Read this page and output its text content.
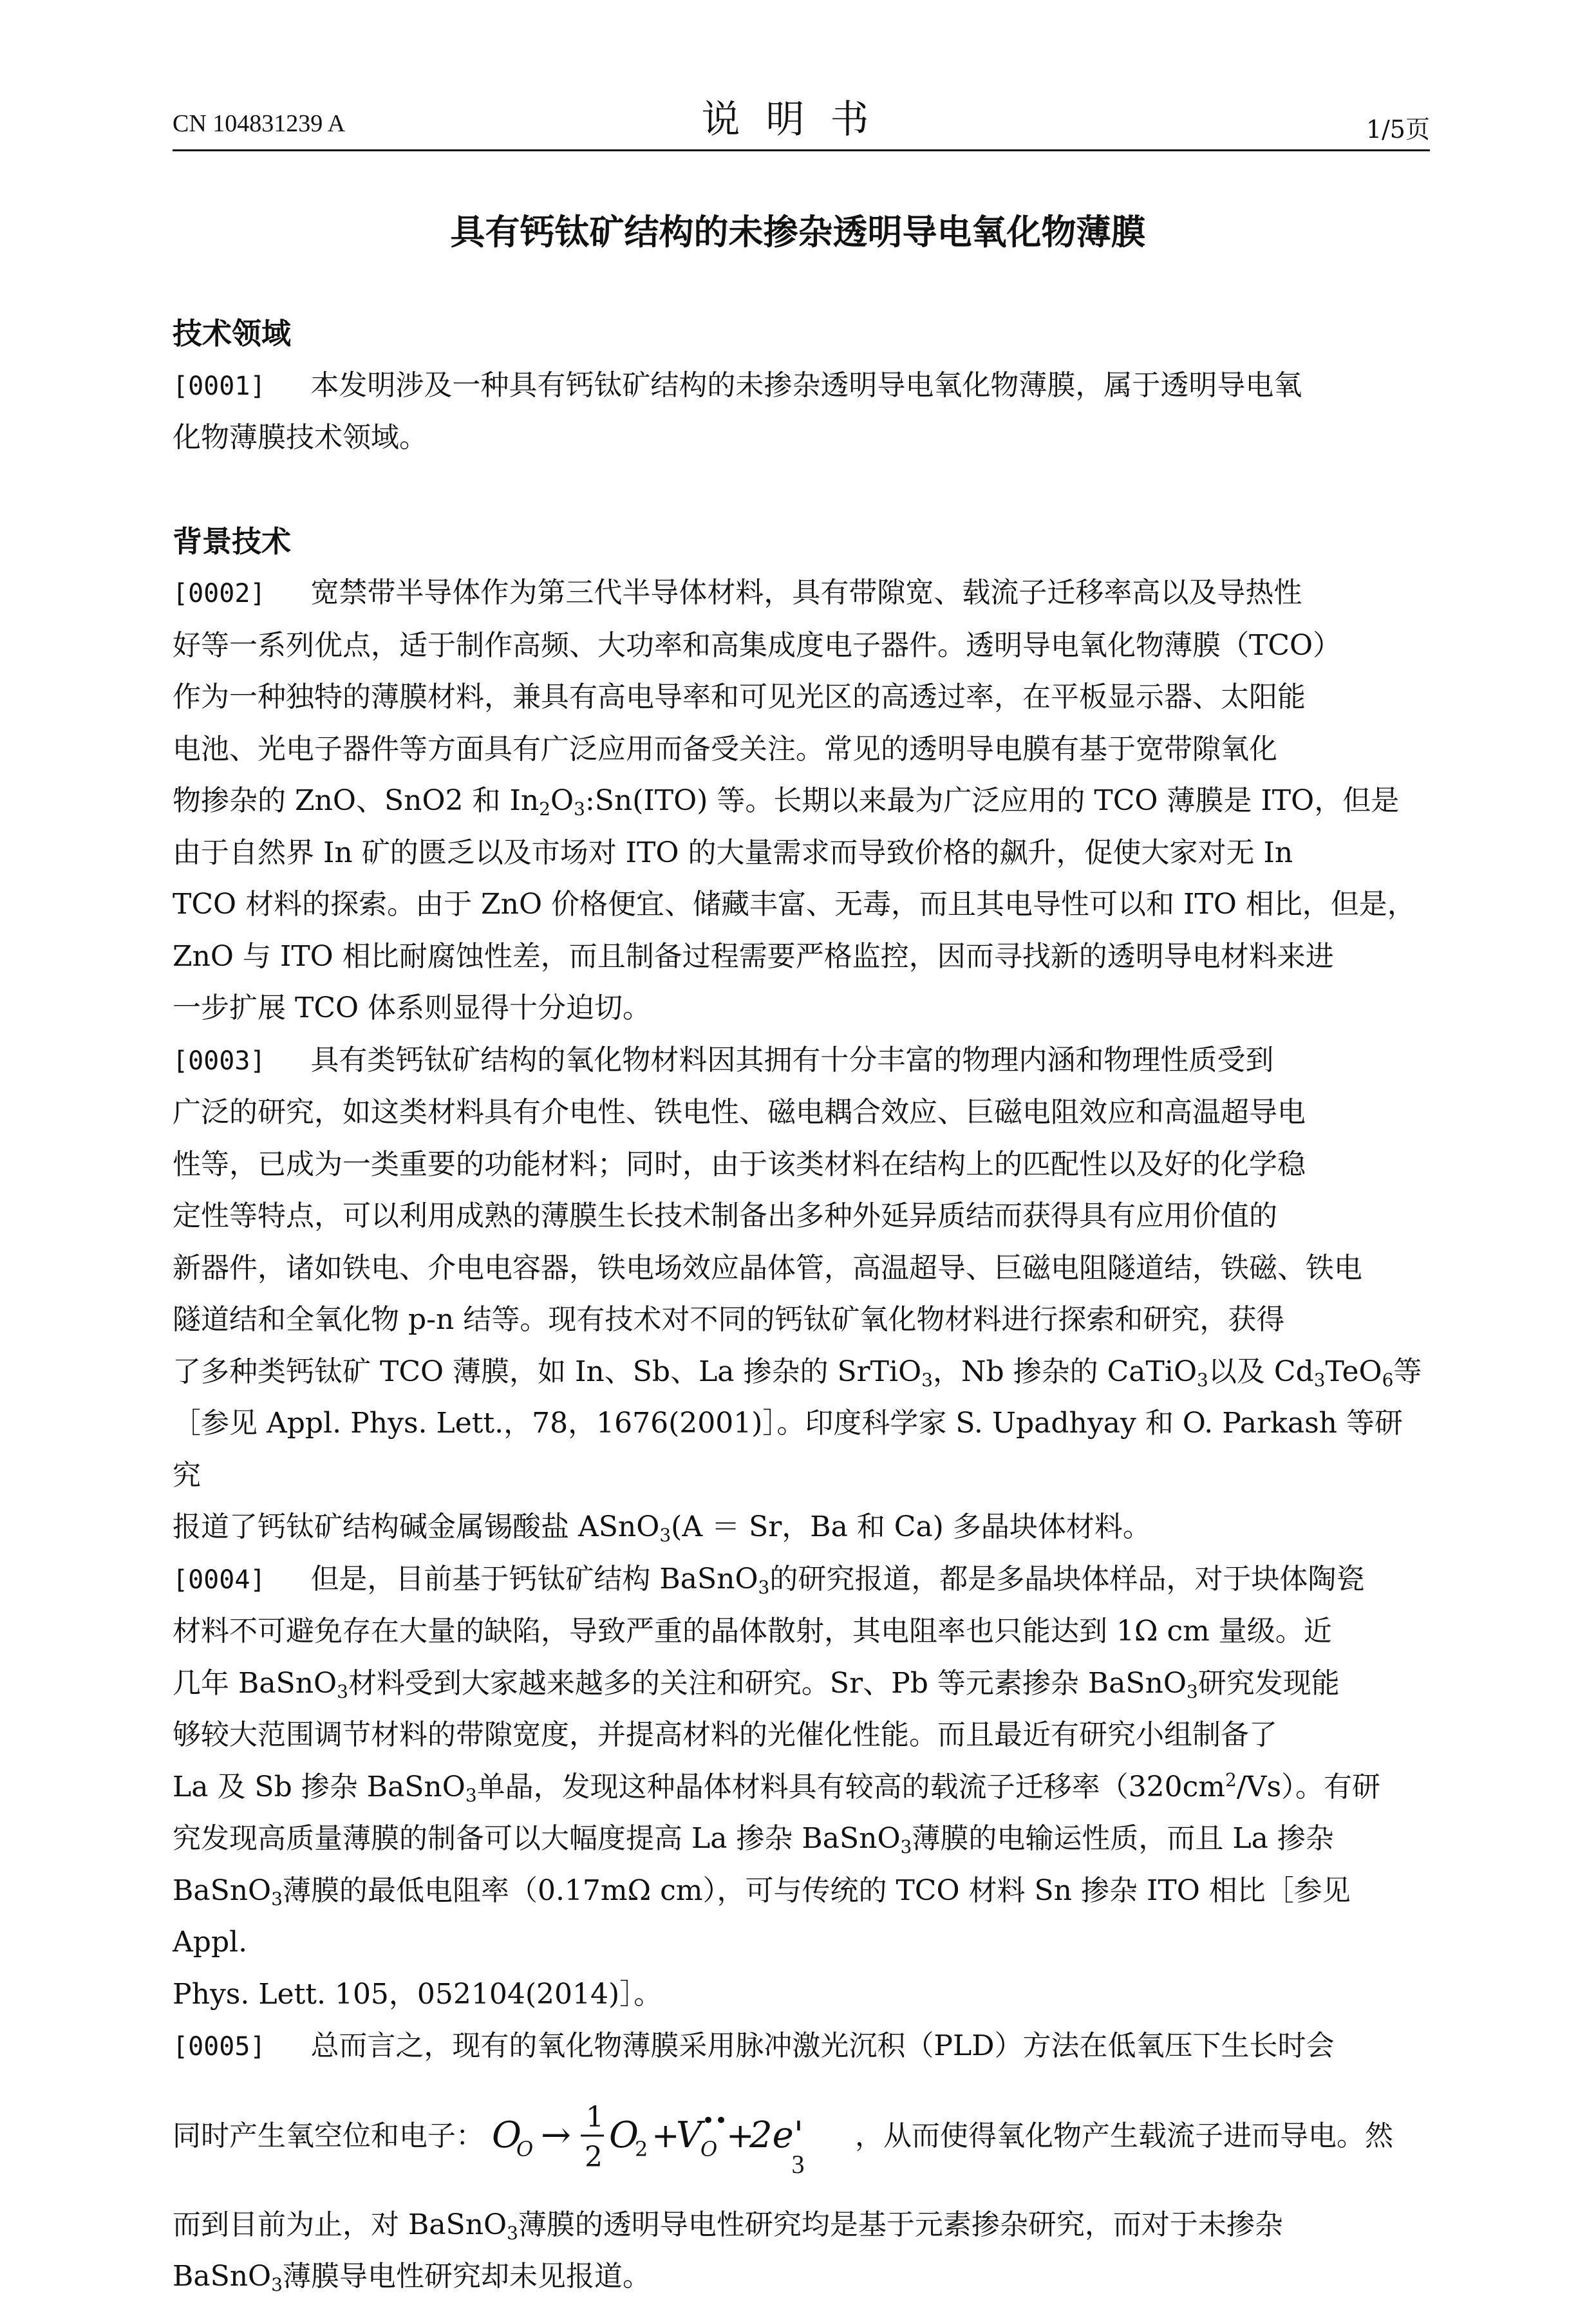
CN 104831239 A	说明书	1/5页
具有钙钛矿结构的未掺杂透明导电氧化物薄膜

技术领域

[0001] 本发明涉及一种具有钙钛矿结构的未掺杂透明导电氧化物薄膜，属于透明导电氧

化物薄膜技术领域。

背景技术

[0002] 宽禁带半导体作为第三代半导体材料，具有带隙宽、载流子迁移率高以及导热性

好等一系列优点，适于制作高频、大功率和高集成度电子器件。透明导电氧化物薄膜（TCO）

作为一种独特的薄膜材料，兼具有高电导率和可见光区的高透过率，在平板显示器、太阳能

电池、光电子器件等方面具有广泛应用而备受关注。常见的透明导电膜有基于宽带隙氧化

物掺杂的 ZnO、SnO2 和 $In_2O_3:Sn(ITO)$ 等。长期以来最为广泛应用的 TCO 薄膜是 ITO，但是

由于自然界 In 矿的匮乏以及市场对 ITO 的大量需求而导致价格的飙升，促使大家对无 In

TCO 材料的探索。由于 ZnO 价格便宜、储藏丰富、无毒，而且其电导性可以和 ITO 相比，但是，

ZnO 与 ITO 相比耐腐蚀性差，而且制备过程需要严格监控，因而寻找新的透明导电材料来进

一步扩展 TCO 体系则显得十分迫切。

[0003] 具有类钙钛矿结构的氧化物材料因其拥有十分丰富的物理内涵和物理性质受到

广泛的研究，如这类材料具有介电性、铁电性、磁电耦合效应、巨磁电阻效应和高温超导电

性等，已成为一类重要的功能材料；同时，由于该类材料在结构上的匹配性以及好的化学稳

定性等特点，可以利用成熟的薄膜生长技术制备出多种外延异质结而获得具有应用价值的

新器件，诸如铁电、介电电容器，铁电场效应晶体管，高温超导、巨磁电阻隧道结，铁磁、铁电

隧道结和全氧化物 p-n 结等。现有技术对不同的钙钛矿氧化物材料进行探索和研究，获得

了多种类钙钛矿 TCO 薄膜，如 In、Sb、La 掺杂的 SrTiO$_3$，Nb 掺杂的 CaTiO$_3$以及 $Cd_3TeO_6$等

［参见 Appl. Phys. Lett.，78，1676(2001)］。印度科学家 S. Upadhyay 和 O. Parkash 等研究

报道了钙钛矿结构碱金属锡酸盐 ASnO$_3$(A ＝ Sr，Ba 和 Ca) 多晶块体材料。

[0004] 但是，目前基于钙钛矿结构 BaSnO$_3$的研究报道，都是多晶块体样品，对于块体陶瓷

材料不可避免存在大量的缺陷，导致严重的晶体散射，其电阻率也只能达到 1Ω cm 量级。近

几年 BaSnO$_3$材料受到大家越来越多的关注和研究。Sr、Pb 等元素掺杂 BaSnO$_3$研究发现能

够较大范围调节材料的带隙宽度，并提高材料的光催化性能。而且最近有研究小组制备了

La 及 Sb 掺杂 BaSnO$_3$单晶，发现这种晶体材料具有较高的载流子迁移率$(320cm^2/Vs)$。有研

究发现高质量薄膜的制备可以大幅度提高 La 掺杂 BaSnO$_3$薄膜的电输运性质，而且 La 掺杂

BaSnO$_3$薄膜的最低电阻率（0.17mΩ cm），可与传统的 TCO 材料 Sn 掺杂 ITO 相比［参见 Appl.

Phys. Lett. 105，052104(2014)］。

[0005] 总而言之，现有的氧化物薄膜采用脉冲激光沉积（PLD）方法在低氧压下生长时会

同时产生氧空位和电子： O
O → 1
2
O
2 +
V ••
O +
2e' ，从而使得氧化物产生载流子进而导电。然

而到目前为止，对 BaSnO$_3$薄膜的透明导电性研究均是基于元素掺杂研究，而对于未掺杂

BaSnO$_3$薄膜导电性研究却未见报道。

3
